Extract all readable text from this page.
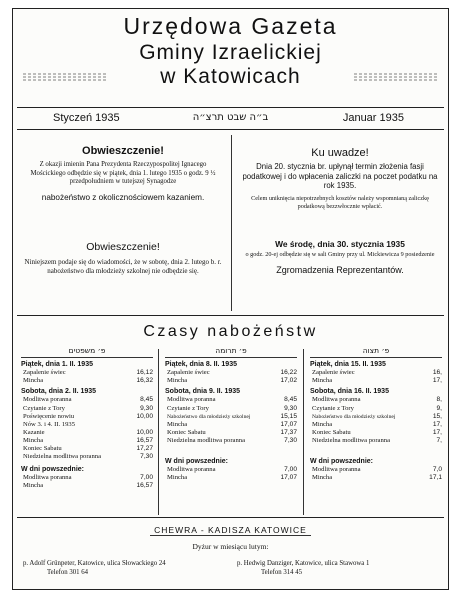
Urzędowa Gazeta
Gminy Izraelickiej
w Katowicach
Styczeń 1935	ב״ה שבט תרצ״ה	Januar 1935
Obwieszczenie!
Z okazji imienin Pana Prezydenta Rzeczypospolitej Ignacego Mościckiego odbędzie się w piątek, dnia 1. lutego 1935 o godz. 9 ½ przedpołudniem w tutejszej Synagodze
nabożeństwo z okolicznościowem kazaniem.
Obwieszczenie!
Niniejszem podaje się do wiadomości, że w sobotę, dnia 2. lutego b. r. nabożeństwo dla młodzieży szkolnej nie odbędzie się.
Ku uwadze!
Dnia 20. stycznia br. upłynął termin złożenia fasji podatkowej i do wpłacenia zaliczki na poczet podatku na rok 1935.
Celem uniknięcia niepotrzebnych kosztów należy wspomnianą zaliczkę podatkową bezzwłocznie wpłacić.
We środę, dnia 30. stycznia 1935
o godz. 20-ej odbędzie się w sali Gminy przy ul. Mickiewicza 9 posiedzenie
Zgromadzenia Reprezentantów.
Czasy nabożeństw
פ׳ משפטים
Piątek, dnia 1. II. 1935
Zapalenie świec	16,12
Mincha	16,32
Sobota, dnia 2. II. 1935
Modlitwa poranna	8,45
Czytanie z Tory	9,30
Poświęcenie nowiu	10,00
Nów 3. i 4. II. 1935
Kazanie	10,00
Mincha	16,57
Koniec Sabatu	17,27
Niedzielna modlitwa poranna	7,30
W dni powszednie:
Modlitwa poranna	7,00
Mincha	16,57
פ׳ תרומה
Piątek, dnia 8. II. 1935
Zapalenie świec	16,22
Mincha	17,02
Sobota, dnia 9. II. 1935
Modlitwa poranna	8,45
Czytanie z Tory	9,30
Nabożeństwo dla młodzieży szkolnej	15,15
Mincha	17,07
Koniec Sabatu	17,37
Niedzielna modlitwa poranna	7,30
W dni powszednie:
Modlitwa poranna	7,00
Mincha	17,07
פ׳ תצוה
Piątek, dnia 15. II. 1935
Zapalenie świec	16,
Mincha	17,
Sobota, dnia 16. II. 1935
Modlitwa poranna	8,
Czytanie z Tory	9,
Nabożeństwo dla młodzieży szkolnej	15,
Mincha	17,
Koniec Sabatu	17,
Niedzielna modlitwa poranna	7,
W dni powszednie:
Modlitwa poranna	7,0
Mincha	17,1
CHEWRA - KADISZA KATOWICE
Dyżur w miesiącu lutym:
p. Adolf Grünpeter, Katowice, ulica Słowackiego 24
Telefon 301 64
p. Hedwig Danziger, Katowice, ulica Stawowa 1
Telefon 314 45
